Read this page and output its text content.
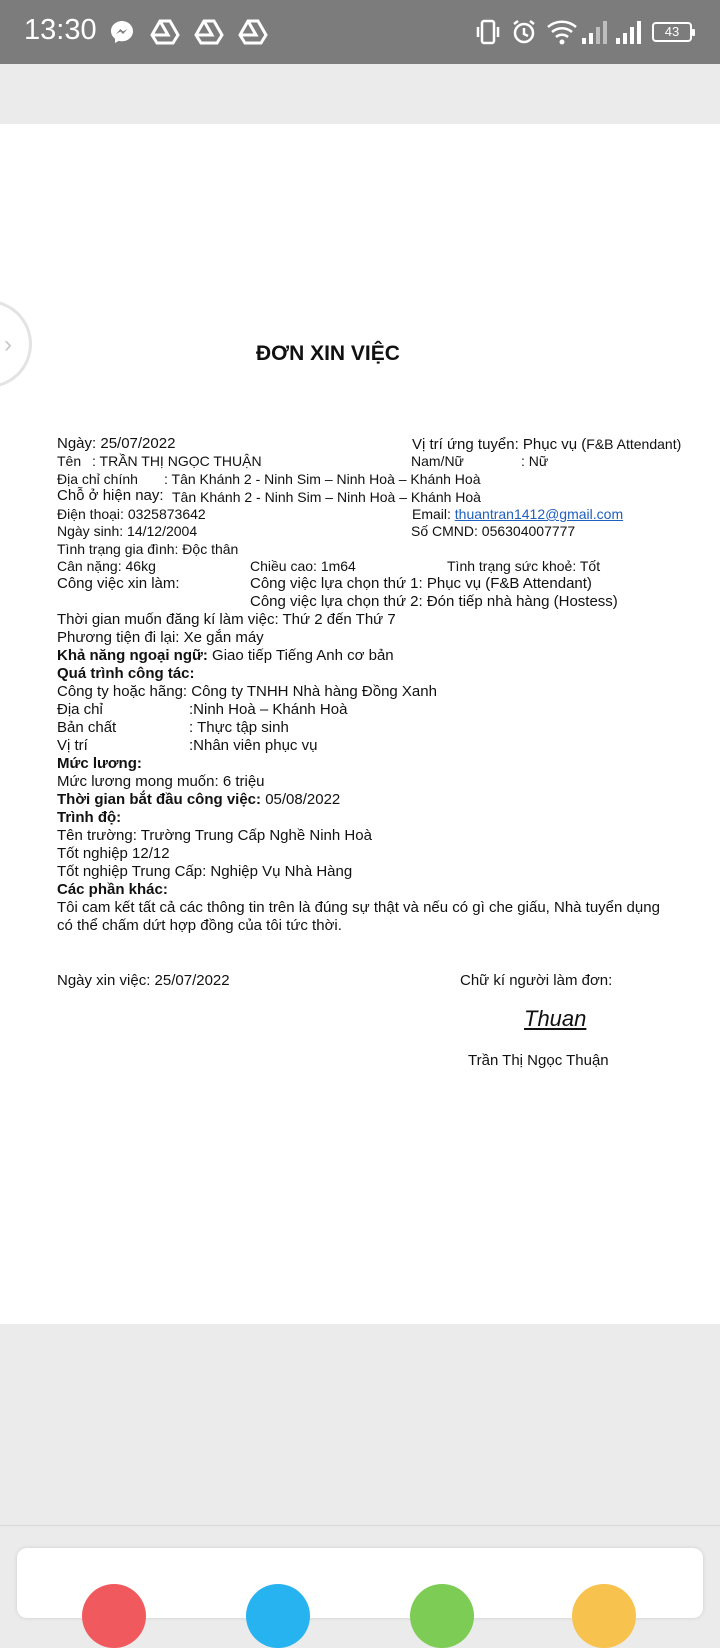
13:30	43
ĐƠN XIN VIỆC
Ngày: 25/07/2022	Vị trí ứng tuyển: Phục vụ (F&B Attendant)
Tên : TRẦN THỊ NGỌC THUẬN	Nam/Nữ	: Nữ
Địa chỉ chính : Tân Khánh 2 - Ninh Sim – Ninh Hoà – Khánh Hoà
Chỗ ở hiện nay: Tân Khánh 2 - Ninh Sim – Ninh Hoà – Khánh Hoà
Điện thoại: 0325873642	Email: thuantran1412@gmail.com
Ngày sinh: 14/12/2004	Số CMND: 056304007777
Tình trạng gia đình: Độc thân
Cân nặng: 46kg	Chiều cao: 1m64	Tình trạng sức khoẻ: Tốt
Công việc xin làm:	Công việc lựa chọn thứ 1: Phục vụ (F&B Attendant)
Công việc lựa chọn thứ 2: Đón tiếp nhà hàng (Hostess)
Thời gian muốn đăng kí làm việc: Thứ 2 đến Thứ 7
Phương tiện đi lại: Xe gắn máy
Khả năng ngoại ngữ: Giao tiếp Tiếng Anh cơ bản
Quá trình công tác:
Công ty hoặc hãng: Công ty TNHH Nhà hàng Đồng Xanh
Địa chỉ	:Ninh Hoà – Khánh Hoà
Bản chất	: Thực tập sinh
Vị trí	:Nhân viên phục vụ
Mức lương:
Mức lương mong muốn: 6 triệu
Thời gian bắt đầu công việc: 05/08/2022
Trình độ:
Tên trường: Trường Trung Cấp Nghề Ninh Hoà
Tốt nghiệp 12/12
Tốt nghiệp Trung Cấp: Nghiệp Vụ Nhà Hàng
Các phần khác:
Tôi cam kết tất cả các thông tin trên là đúng sự thật và nếu có gì che giấu, Nhà tuyển dụng
có thể chấm dứt hợp đồng của tôi tức thời.
Ngày xin việc: 25/07/2022	Chữ kí người làm đơn:
Thuan
Trần Thị Ngọc Thuận
›
